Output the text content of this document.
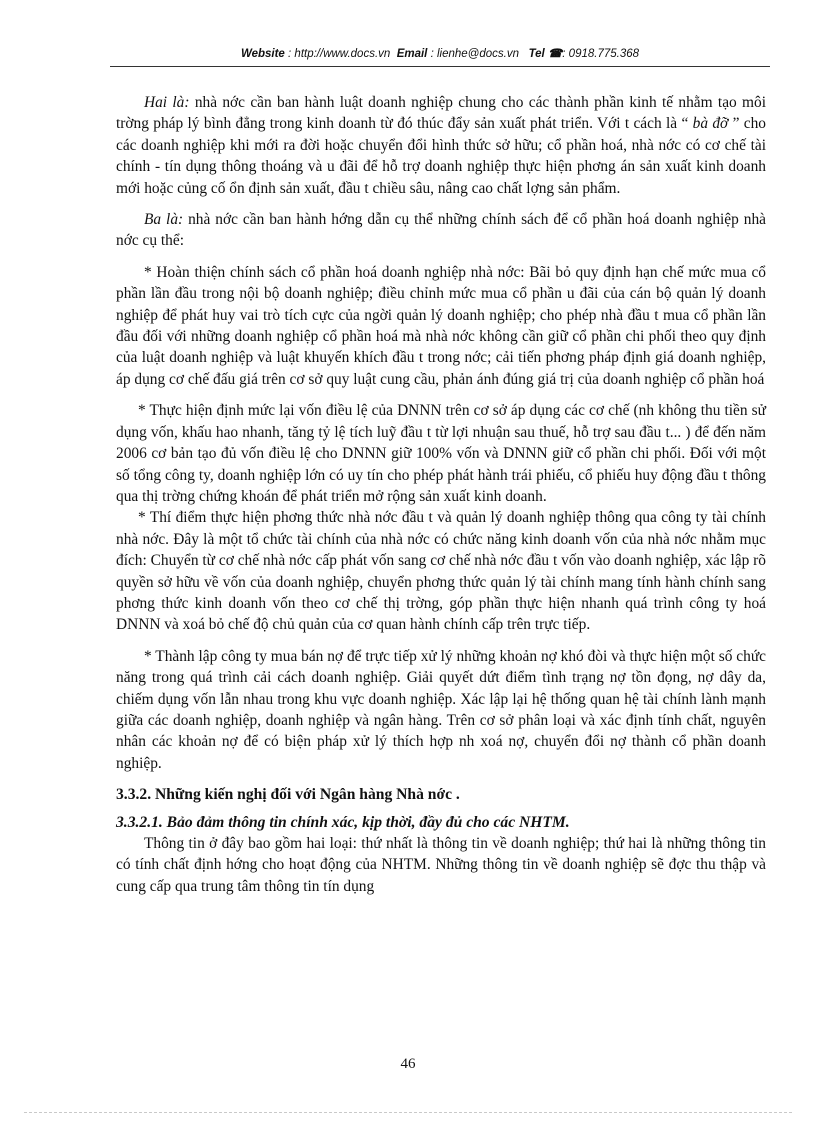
Website : http://www.docs.vn Email : lienhe@docs.vn Tel ☎: 0918.775.368

Hai là: nhà nớc cần ban hành luật doanh nghiệp chung cho các thành phần kinh tế nhằm tạo môi trờng pháp lý bình đẳng trong kinh doanh từ đó thúc đẩy sản xuất phát triển. Với t cách là “ bà đỡ ” cho các doanh nghiệp khi mới ra đời hoặc chuyển đổi hình thức sở hữu; cổ phần hoá, nhà nớc có cơ chế tài chính - tín dụng thông thoáng và u đãi để hỗ trợ doanh nghiệp thực hiện phơng án sản xuất kinh doanh mới hoặc củng cố ổn định sản xuất, đầu t chiều sâu, nâng cao chất lợng sản phẩm.

Ba là: nhà nớc cần ban hành hớng dẫn cụ thể những chính sách để cổ phần hoá doanh nghiệp nhà nớc cụ thể:

* Hoàn thiện chính sách cổ phần hoá doanh nghiệp nhà nớc: Bãi bỏ quy định hạn chế mức mua cổ phần lần đầu trong nội bộ doanh nghiệp; điều chỉnh mức mua cổ phần u đãi của cán bộ quản lý doanh nghiệp để phát huy vai trò tích cực của ngời quản lý doanh nghiệp; cho phép nhà đầu t mua cổ phần lần đầu đối với những doanh nghiệp cổ phần hoá mà nhà nớc không cần giữ cổ phần chi phối theo quy định của luật doanh nghiệp và luật khuyến khích đầu t trong nớc; cải tiến phơng pháp định giá doanh nghiệp, áp dụng cơ chế đấu giá trên cơ sở quy luật cung cầu, phản ánh đúng giá trị của doanh nghiệp cổ phần hoá

* Thực hiện định mức lại vốn điều lệ của DNNN trên cơ sở áp dụng các cơ chế (nh không thu tiền sử dụng vốn, khấu hao nhanh, tăng tỷ lệ tích luỹ đầu t từ lợi nhuận sau thuế, hỗ trợ sau đầu t... ) để đến năm 2006 cơ bản tạo đủ vốn điều lệ cho DNNN giữ 100% vốn và DNNN giữ cổ phần chi phối. Đối với một số tổng công ty, doanh nghiệp lớn có uy tín cho phép phát hành trái phiếu, cổ phiếu huy động đầu t thông qua thị trờng chứng khoán để phát triển mở rộng sản xuất kinh doanh.

* Thí điểm thực hiện phơng thức nhà nớc đầu t và quản lý doanh nghiệp thông qua công ty tài chính nhà nớc. Đây là một tổ chức tài chính của nhà nớc có chức năng kinh doanh vốn của nhà nớc nhằm mục đích: Chuyển từ cơ chế nhà nớc cấp phát vốn sang cơ chế nhà nớc đầu t vốn vào doanh nghiệp, xác lập rõ quyền sở hữu về vốn của doanh nghiệp, chuyển phơng thức quản lý tài chính mang tính hành chính sang phơng thức kinh doanh vốn theo cơ chế thị trờng, góp phần thực hiện nhanh quá trình công ty hoá DNNN và xoá bỏ chế độ chủ quản của cơ quan hành chính cấp trên trực tiếp.

* Thành lập công ty mua bán nợ để trực tiếp xử lý những khoản nợ khó đòi và thực hiện một số chức năng trong quá trình cải cách doanh nghiệp. Giải quyết dứt điểm tình trạng nợ tồn đọng, nợ dây da, chiếm dụng vốn lẫn nhau trong khu vực doanh nghiệp. Xác lập lại hệ thống quan hệ tài chính lành mạnh giữa các doanh nghiệp, doanh nghiệp và ngân hàng. Trên cơ sở phân loại và xác định tính chất, nguyên nhân các khoản nợ để có biện pháp xử lý thích hợp nh xoá nợ, chuyển đổi nợ thành cổ phần doanh nghiệp.

3.3.2. Những kiến nghị đối với Ngân hàng Nhà nớc .

3.3.2.1. Bảo đảm thông tin chính xác, kịp thời, đầy đủ cho các NHTM.

Thông tin ở đây bao gồm hai loại: thứ nhất là thông tin về doanh nghiệp; thứ hai là những thông tin có tính chất định hớng cho hoạt động của NHTM. Những thông tin về doanh nghiệp sẽ đợc thu thập và cung cấp qua trung tâm thông tin tín dụng

46
